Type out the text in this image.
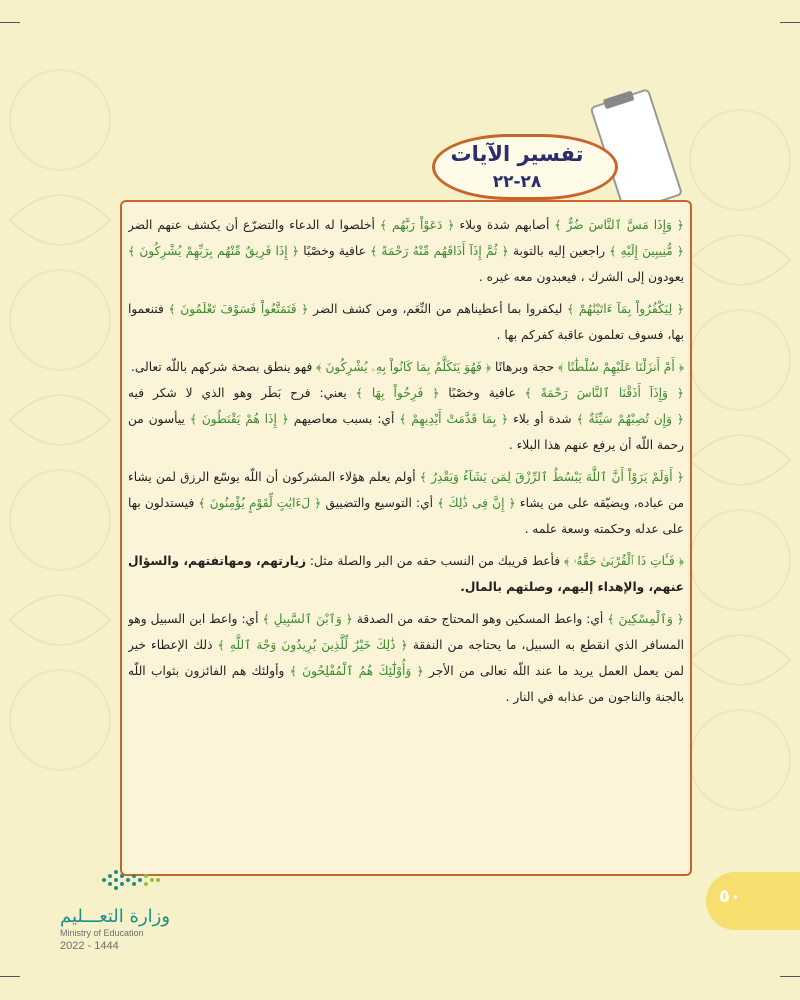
تفسير الآيات
٢٨-٢٢

﴿ وَإِذَا مَسَّ ٱلنَّاسَ ضُرٌّ ﴾ أصابهم شدة وبلاء ﴿ دَعَوْاْ رَبَّهُم ﴾ أخلصوا له الدعاء والتضرّع أن يكشف عنهم الضر ﴿ مُّنِيبِينَ إِلَيْهِ ﴾ راجعين إليه بالتوبة ﴿ ثُمَّ إِذَآ أَذَاقَهُم مِّنْهُ رَحْمَةً ﴾ عافية وخصْبًا ﴿ إِذَا فَرِيقٌ مِّنْهُم بِرَبِّهِمْ يُشْرِكُونَ ﴾ يعودون إلى الشرك ، فيعبدون معه غيره .

﴿ لِيَكْفُرُواْ بِمَآ ءَاتَيْنَٰهُمْ ﴾ ليكفروا بما أعطيناهم من النِّعَم، ومن كشف الضر ﴿ فَتَمَتَّعُواْ فَسَوْفَ تَعْلَمُونَ ﴾ فتنعموا بها، فسوف تعلمون عاقبة كفركم بها .

﴿ أَمْ أَنزَلْنَا عَلَيْهِمْ سُلْطَٰنًا ﴾ حجة وبرهانًا ﴿ فَهُوَ يَتَكَلَّمُ بِمَا كَانُواْ بِهِۦ يُشْرِكُونَ ﴾ فهو ينطق بصحة شركهم باللّه تعالى.
﴿ وَإِذَآ أَذَقْنَا ٱلنَّاسَ رَحْمَةً ﴾ عافية وخصْبًا ﴿ فَرِحُواْ بِهَا ﴾ يعني: فرح بَطَر وهو الذي لا شكر فيه ﴿ وَإِن تُصِبْهُمْ سَيِّئَةٌ ﴾ شدة أو بلاء ﴿ بِمَا قَدَّمَتْ أَيْدِيهِمْ ﴾ أي: بسبب معاصيهم ﴿ إِذَا هُمْ يَقْنَطُونَ ﴾ ييأسون من رحمة اللّه أن يرفع عنهم هذا البلاء .

﴿ أَوَلَمْ يَرَوْاْ أَنَّ ٱللَّهَ يَبْسُطُ ٱلرِّزْقَ لِمَن يَشَآءُ وَيَقْدِرُ ﴾ أولم يعلم هؤلاء المشركون أن اللّه يوسّع الرزق لمن يشاء من عباده، ويضيّقه على من يشاء ﴿ إِنَّ فِى ذَٰلِكَ ﴾ أي: التوسيع والتضييق ﴿ لَءَايَٰتٍ لِّقَوْمٍ يُؤْمِنُونَ ﴾ فيستدلون بها على عدله وحكمته وسعة علمه .

﴿ فَـَٔاتِ ذَا ٱلْقُرْبَىٰ حَقَّهُۥ ﴾ فأعط قريبك من النسب حقه من البر والصلة مثل: زيارتهم، ومهاتفتهم، والسؤال عنهم، والإهداء إليهم، وصلتهم بالمال.

﴿ وَٱلْمِسْكِينَ ﴾ أي: واعط المسكين وهو المحتاج حقه من الصدقة ﴿ وَٱبْنَ ٱلسَّبِيلِ ﴾ أي: واعط ابن السبيل وهو المسافر الذي انقطع به السبيل، ما يحتاجه من النفقة ﴿ ذَٰلِكَ خَيْرٌ لِّلَّذِينَ يُرِيدُونَ وَجْهَ ٱللَّهِ ﴾ ذلك الإعطاء خير لمن يعمل العمل يريد ما عند اللّه تعالى من الأجر ﴿ وَأُوْلَٰٓئِكَ هُمُ ٱلْمُفْلِحُونَ ﴾ وأولئك هم الفائزون بثواب اللّه بالجنة والناجون من عذابه في النار .

٥٠
وزارة التعـــليم
Ministry of Education
2022 - 1444
